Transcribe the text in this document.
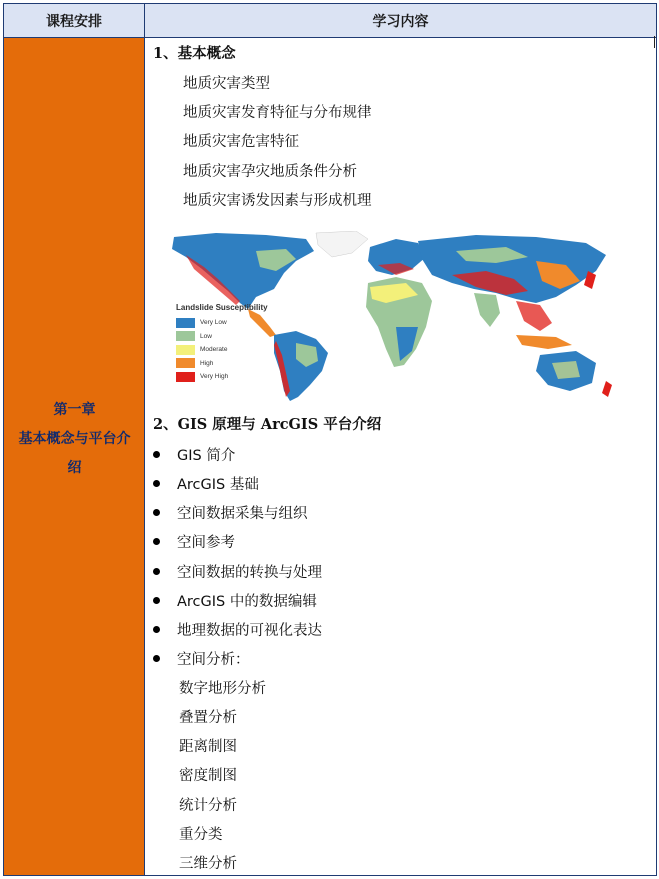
课程安排	学习内容
第一章
基本概念与平台介
绍
1、基本概念
地质灾害类型
地质灾害发育特征与分布规律
地质灾害危害特征
地质灾害孕灾地质条件分析
地质灾害诱发因素与形成机理
Landslide Susceptibility
Very Low
Low
Moderate
High
Very High
2、GIS 原理与 ArcGIS 平台介绍
GIS 简介
ArcGIS 基础
空间数据采集与组织
空间参考
空间数据的转换与处理
ArcGIS 中的数据编辑
地理数据的可视化表达
空间分析：
数字地形分析
叠置分析
距离制图
密度制图
统计分析
重分类
三维分析
